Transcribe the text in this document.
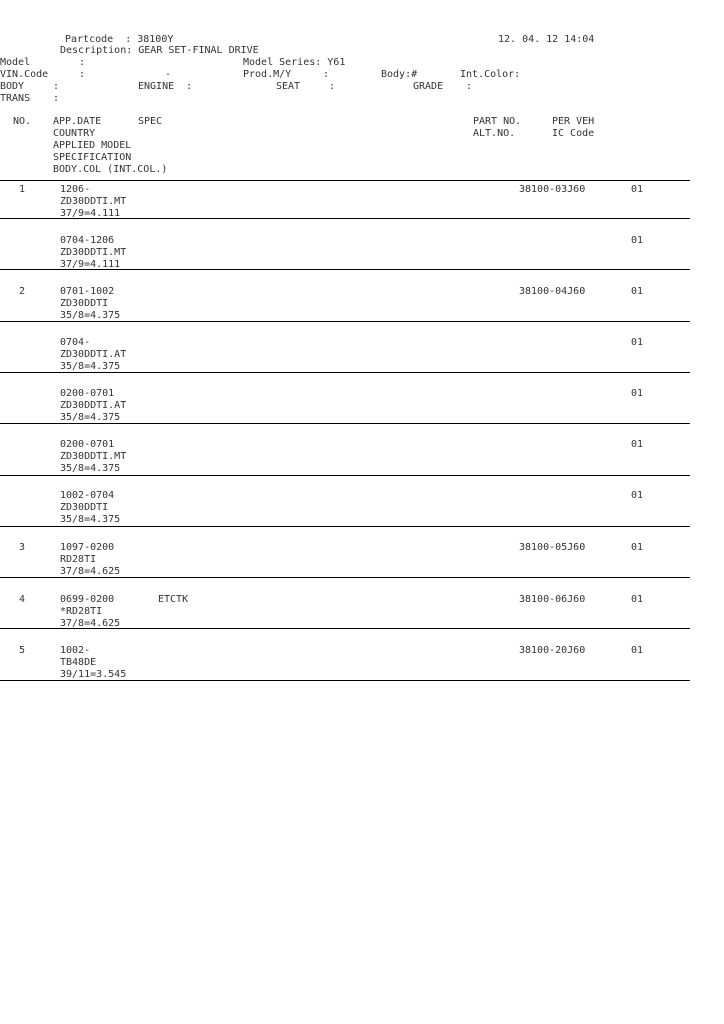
Partcode  : 38100Y
Description: GEAR SET-FINAL DRIVE
12. 04. 12 14:04
Model	:	Model Series: Y61
VIN.Code	:	-	Prod.M/Y	:	Body:#	Int.Color:
BODY	:	ENGINE  :	SEAT	:	GRADE :
TRANS :
NO. APP.DATE	SPEC
COUNTRY
APPLIED MODEL
SPECIFICATION
BODY.COL (INT.COL.)
PART NO.
ALT.NO.
PER VEH
IC Code
1	1206-
ZD30DDTI.MT
37/9=4.111
38100-03J60	01
0704-1206
ZD30DDTI.MT
37/9=4.111
01
2	0701-1002
ZD30DDTI
35/8=4.375
38100-04J60	01
0704-
ZD30DDTI.AT
35/8=4.375
01
0200-0701
ZD30DDTI.AT
35/8=4.375
01
0200-0701
ZD30DDTI.MT
35/8=4.375
01
1002-0704
ZD30DDTI
35/8=4.375
01
3	1097-0200
RD28TI
37/8=4.625
38100-05J60	01
4	0699-0200	ETCTK
*RD28TI
37/8=4.625
38100-06J60	01
5	1002-
TB48DE
39/11=3.545
38100-20J60	01
